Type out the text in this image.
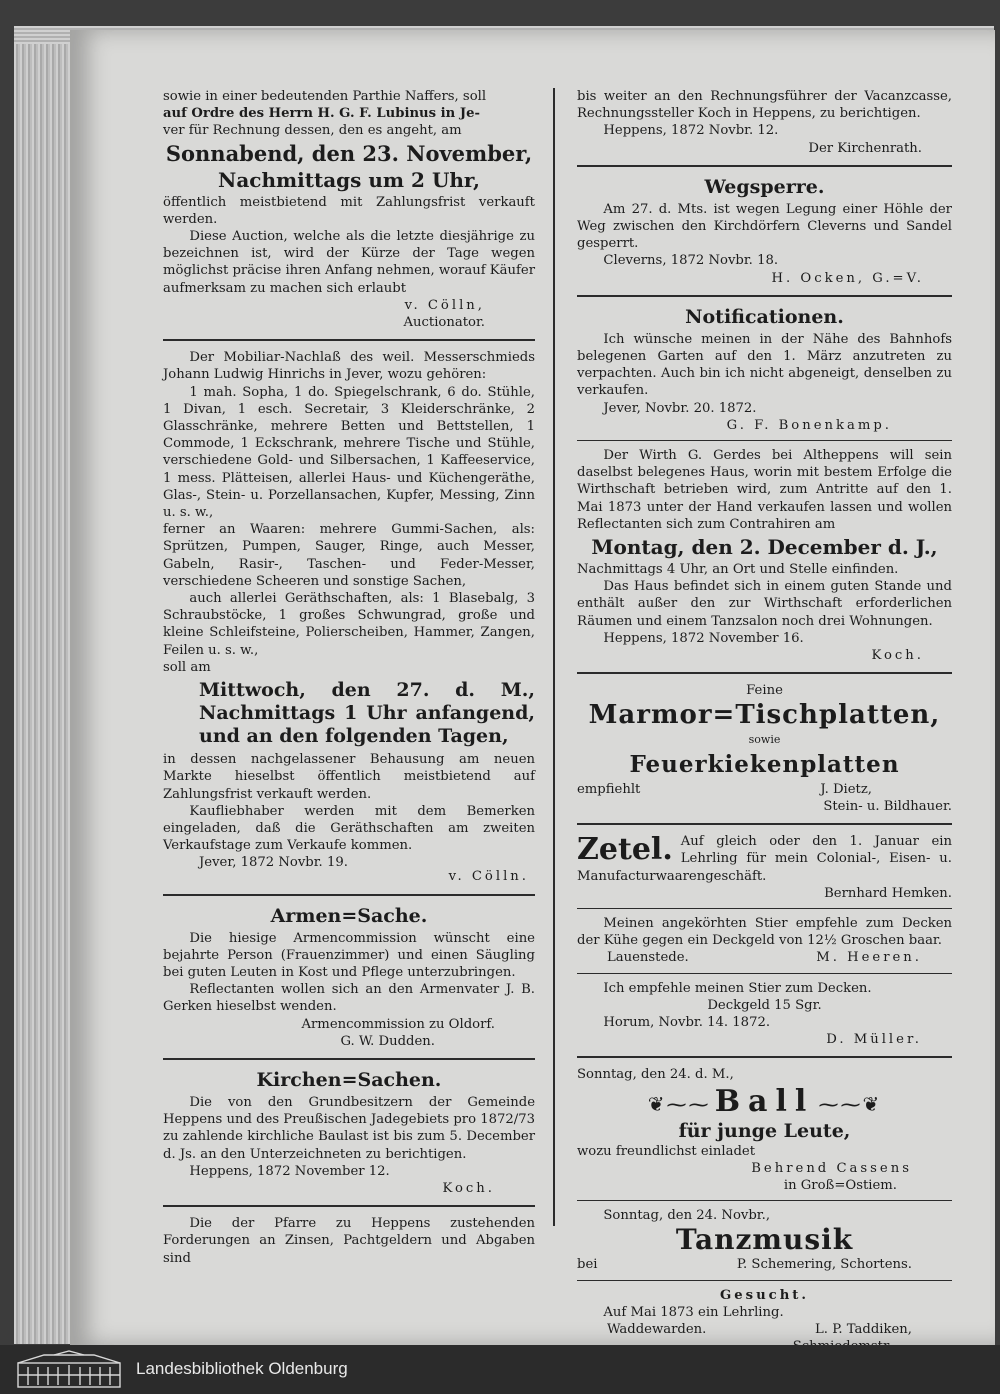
sowie in einer bedeutenden Parthie Naffers, soll

auf Ordre des Herrn H. G. F. Lubinus in Je-

ver für Rechnung dessen, den es angeht, am

Sonnabend, den 23. November,
Nachmittags um 2 Uhr,

öffentlich meistbietend mit Zahlungsfrist verkauft werden.

Diese Auction, welche als die letzte diesjährige zu bezeichnen ist, wird der Kürze der Tage wegen möglichst präcise ihren Anfang nehmen, worauf Käufer aufmerksam zu machen sich erlaubt

v. Cölln,

Auctionator.

Der Mobiliar-Nachlaß des weil. Messerschmieds Johann Ludwig Hinrichs in Jever, wozu gehören:

1 mah. Sopha, 1 do. Spiegelschrank, 6 do. Stühle, 1 Divan, 1 esch. Secretair, 3 Kleiderschränke, 2 Glasschränke, mehrere Betten und Bettstellen, 1 Commode, 1 Eckschrank, mehrere Tische und Stühle, verschiedene Gold- und Silbersachen, 1 Kaffeeservice, 1 mess. Plätteisen, allerlei Haus- und Küchengeräthe, Glas-, Stein- u. Porzellansachen, Kupfer, Messing, Zinn u. s. w.,

ferner an Waaren: mehrere Gummi-Sachen, als: Sprützen, Pumpen, Sauger, Ringe, auch Messer, Gabeln, Rasir-, Taschen- und Feder-Messer, verschiedene Scheeren und sonstige Sachen,

auch allerlei Geräthschaften, als: 1 Blasebalg, 3 Schraubstöcke, 1 großes Schwungrad, große und kleine Schleifsteine, Polierscheiben, Hammer, Zangen, Feilen u. s. w.,

soll am

Mittwoch, den 27. d. M., Nachmittags 1 Uhr anfangend, und an den folgenden Tagen,

in dessen nachgelassener Behausung am neuen Markte hieselbst öffentlich meistbietend auf Zahlungsfrist verkauft werden.

Kaufliebhaber werden mit dem Bemerken eingeladen, daß die Geräthschaften am zweiten Verkaufstage zum Verkaufe kommen.

Jever, 1872 Novbr. 19.
v. Cölln.
Armen=Sache.

Die hiesige Armencommission wünscht eine bejahrte Person (Frauenzimmer) und einen Säugling bei guten Leuten in Kost und Pflege unterzubringen.

Reflectanten wollen sich an den Armenvater J. B. Gerken hieselbst wenden.

Armencommission zu Oldorf.

G. W. Dudden.

Kirchen=Sachen.

Die von den Grundbesitzern der Gemeinde Heppens und des Preußischen Jadegebiets pro 1872/73 zu zahlende kirchliche Baulast ist bis zum 5. December d. Js. an den Unterzeichneten zu berichtigen.

Heppens, 1872 November 12.

Koch.

Die der Pfarre zu Heppens zustehenden Forderungen an Zinsen, Pachtgeldern und Abgaben sind

bis weiter an den Rechnungsführer der Vacanzcasse, Rechnungssteller Koch in Heppens, zu berichtigen.

Heppens, 1872 Novbr. 12.

Der Kirchenrath.

Wegsperre.

Am 27. d. Mts. ist wegen Legung einer Höhle der Weg zwischen den Kirchdörfern Cleverns und Sandel gesperrt.

Cleverns, 1872 Novbr. 18.

H. Ocken, G.=V.

Notificationen.

Ich wünsche meinen in der Nähe des Bahnhofs belegenen Garten auf den 1. März anzutreten zu verpachten. Auch bin ich nicht abgeneigt, denselben zu verkaufen.

Jever, Novbr. 20. 1872.

G. F. Bonenkamp.

Der Wirth G. Gerdes bei Altheppens will sein daselbst belegenes Haus, worin mit bestem Erfolge die Wirthschaft betrieben wird, zum Antritte auf den 1. Mai 1873 unter der Hand verkaufen lassen und wollen Reflectanten sich zum Contrahiren am

Montag, den 2. December d. J.,

Nachmittags 4 Uhr, an Ort und Stelle einfinden.

Das Haus befindet sich in einem guten Stande und enthält außer den zur Wirthschaft erforderlichen Räumen und einem Tanzsalon noch drei Wohnungen.

Heppens, 1872 November 16.

Koch.

Feine

Marmor=Tischplatten,

sowie

Feuerkiekenplatten
empfiehlt	J. Dietz,

Stein- u. Bildhauer.

Zetel. Auf gleich oder den 1. Januar ein Lehrling für mein Colonial-, Eisen- u. Manufacturwaarengeschäft.

Bernhard Hemken.

Meinen angekörhten Stier empfehle zum Decken der Kühe gegen ein Deckgeld von 12½ Groschen baar.

Lauenstede.	M. Heeren.

Ich empfehle meinen Stier zum Decken.

Deckgeld 15 Sgr.

Horum, Novbr. 14. 1872.

D. Müller.

Sonntag, den 24. d. M.,

❦⁓⁓ Ball ⁓⁓❦
für junge Leute,

wozu freundlichst einladet

Behrend Cassens

in Groß=Ostiem.

Sonntag, den 24. Novbr.,

Tanzmusik
bei	P. Schemering, Schortens.

Gesucht.

Auf Mai 1873 ein Lehrling.

Waddewarden.	L. P. Taddiken,

Landesbibliothek Oldenburg
